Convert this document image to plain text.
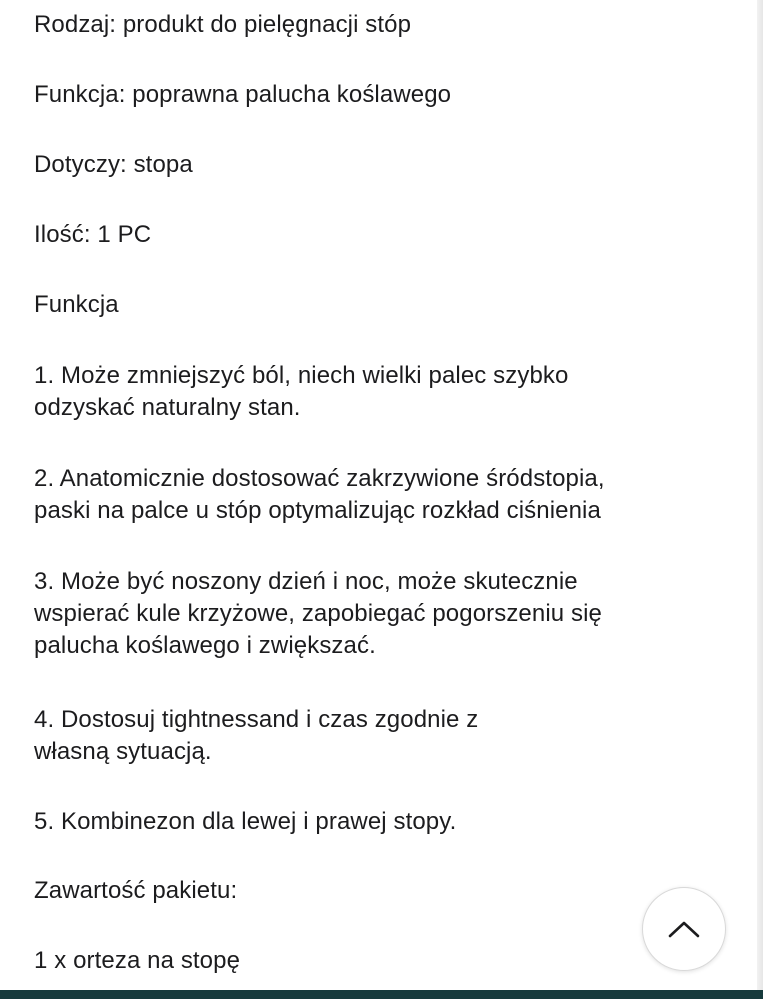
Rodzaj: produkt do pielęgnacji stóp

Funkcja: poprawna palucha koślawego

Dotyczy: stopa

Ilość: 1 PC

Funkcja

1. Może zmniejszyć ból, niech wielki palec szybko
odzyskać naturalny stan.

2. Anatomicznie dostosować zakrzywione śródstopia,
paski na palce u stóp optymalizując rozkład ciśnienia

3. Może być noszony dzień i noc, może skutecznie
wspierać kule krzyżowe, zapobiegać pogorszeniu się
palucha koślawego i zwiększać.

4. Dostosuj tightnessand i czas zgodnie z
własną sytuacją.

5. Kombinezon dla lewej i prawej stopy.

Zawartość pakietu:

1 x orteza na stopę
